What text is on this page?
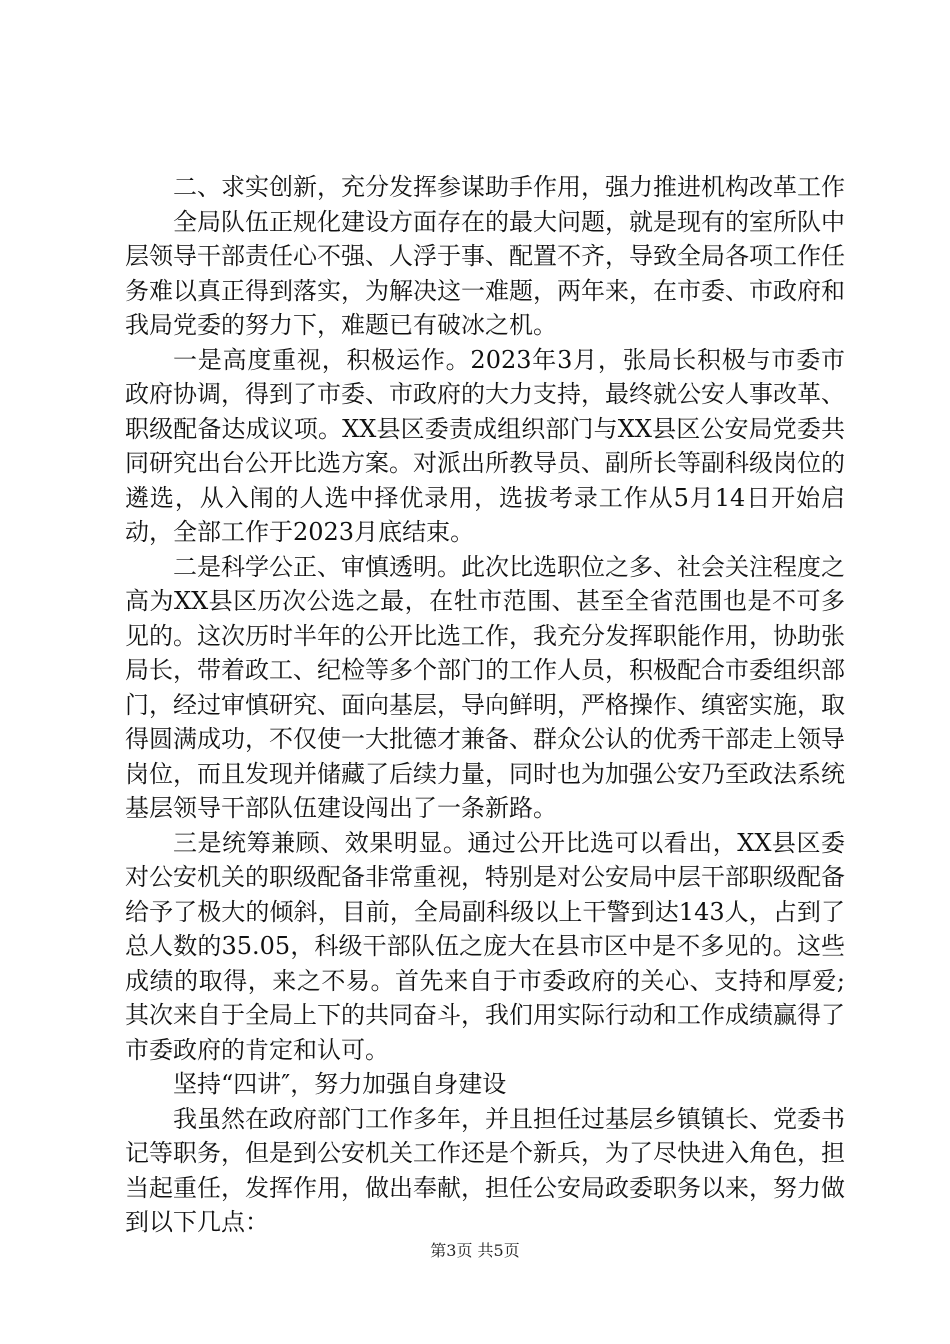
二、求实创新，充分发挥参谋助手作用，强力推进机构改革工作

全局队伍正规化建设方面存在的最大问题，就是现有的室所队中层领导干部责任心不强、人浮于事、配置不齐，导致全局各项工作任务难以真正得到落实，为解决这一难题，两年来，在市委、市政府和我局党委的努力下，难题已有破冰之机。

一是高度重视，积极运作。2023年3月，张局长积极与市委市政府协调，得到了市委、市政府的大力支持，最终就公安人事改革、职级配备达成议项。XX县区委责成组织部门与XX县区公安局党委共同研究出台公开比选方案。对派出所教导员、副所长等副科级岗位的遴选，从入闱的人选中择优录用，选拔考录工作从5月14日开始启动，全部工作于2023月底结束。

二是科学公正、审慎透明。此次比选职位之多、社会关注程度之高为XX县区历次公选之最，在牡市范围、甚至全省范围也是不可多见的。这次历时半年的公开比选工作，我充分发挥职能作用，协助张局长，带着政工、纪检等多个部门的工作人员，积极配合市委组织部门，经过审慎研究、面向基层，导向鲜明，严格操作、缜密实施，取得圆满成功，不仅使一大批德才兼备、群众公认的优秀干部走上领导岗位，而且发现并储藏了后续力量，同时也为加强公安乃至政法系统基层领导干部队伍建设闯出了一条新路。

三是统筹兼顾、效果明显。通过公开比选可以看出，XX县区委对公安机关的职级配备非常重视，特别是对公安局中层干部职级配备给予了极大的倾斜，目前，全局副科级以上干警到达143人，占到了总人数的35.05，科级干部队伍之庞大在县市区中是不多见的。这些成绩的取得，来之不易。首先来自于市委政府的关心、支持和厚爱;其次来自于全局上下的共同奋斗，我们用实际行动和工作成绩赢得了市委政府的肯定和认可。

坚持“四讲″，努力加强自身建设

我虽然在政府部门工作多年，并且担任过基层乡镇镇长、党委书记等职务，但是到公安机关工作还是个新兵，为了尽快进入角色，担当起重任，发挥作用，做出奉献，担任公安局政委职务以来，努力做到以下几点：

第3页 共5页
